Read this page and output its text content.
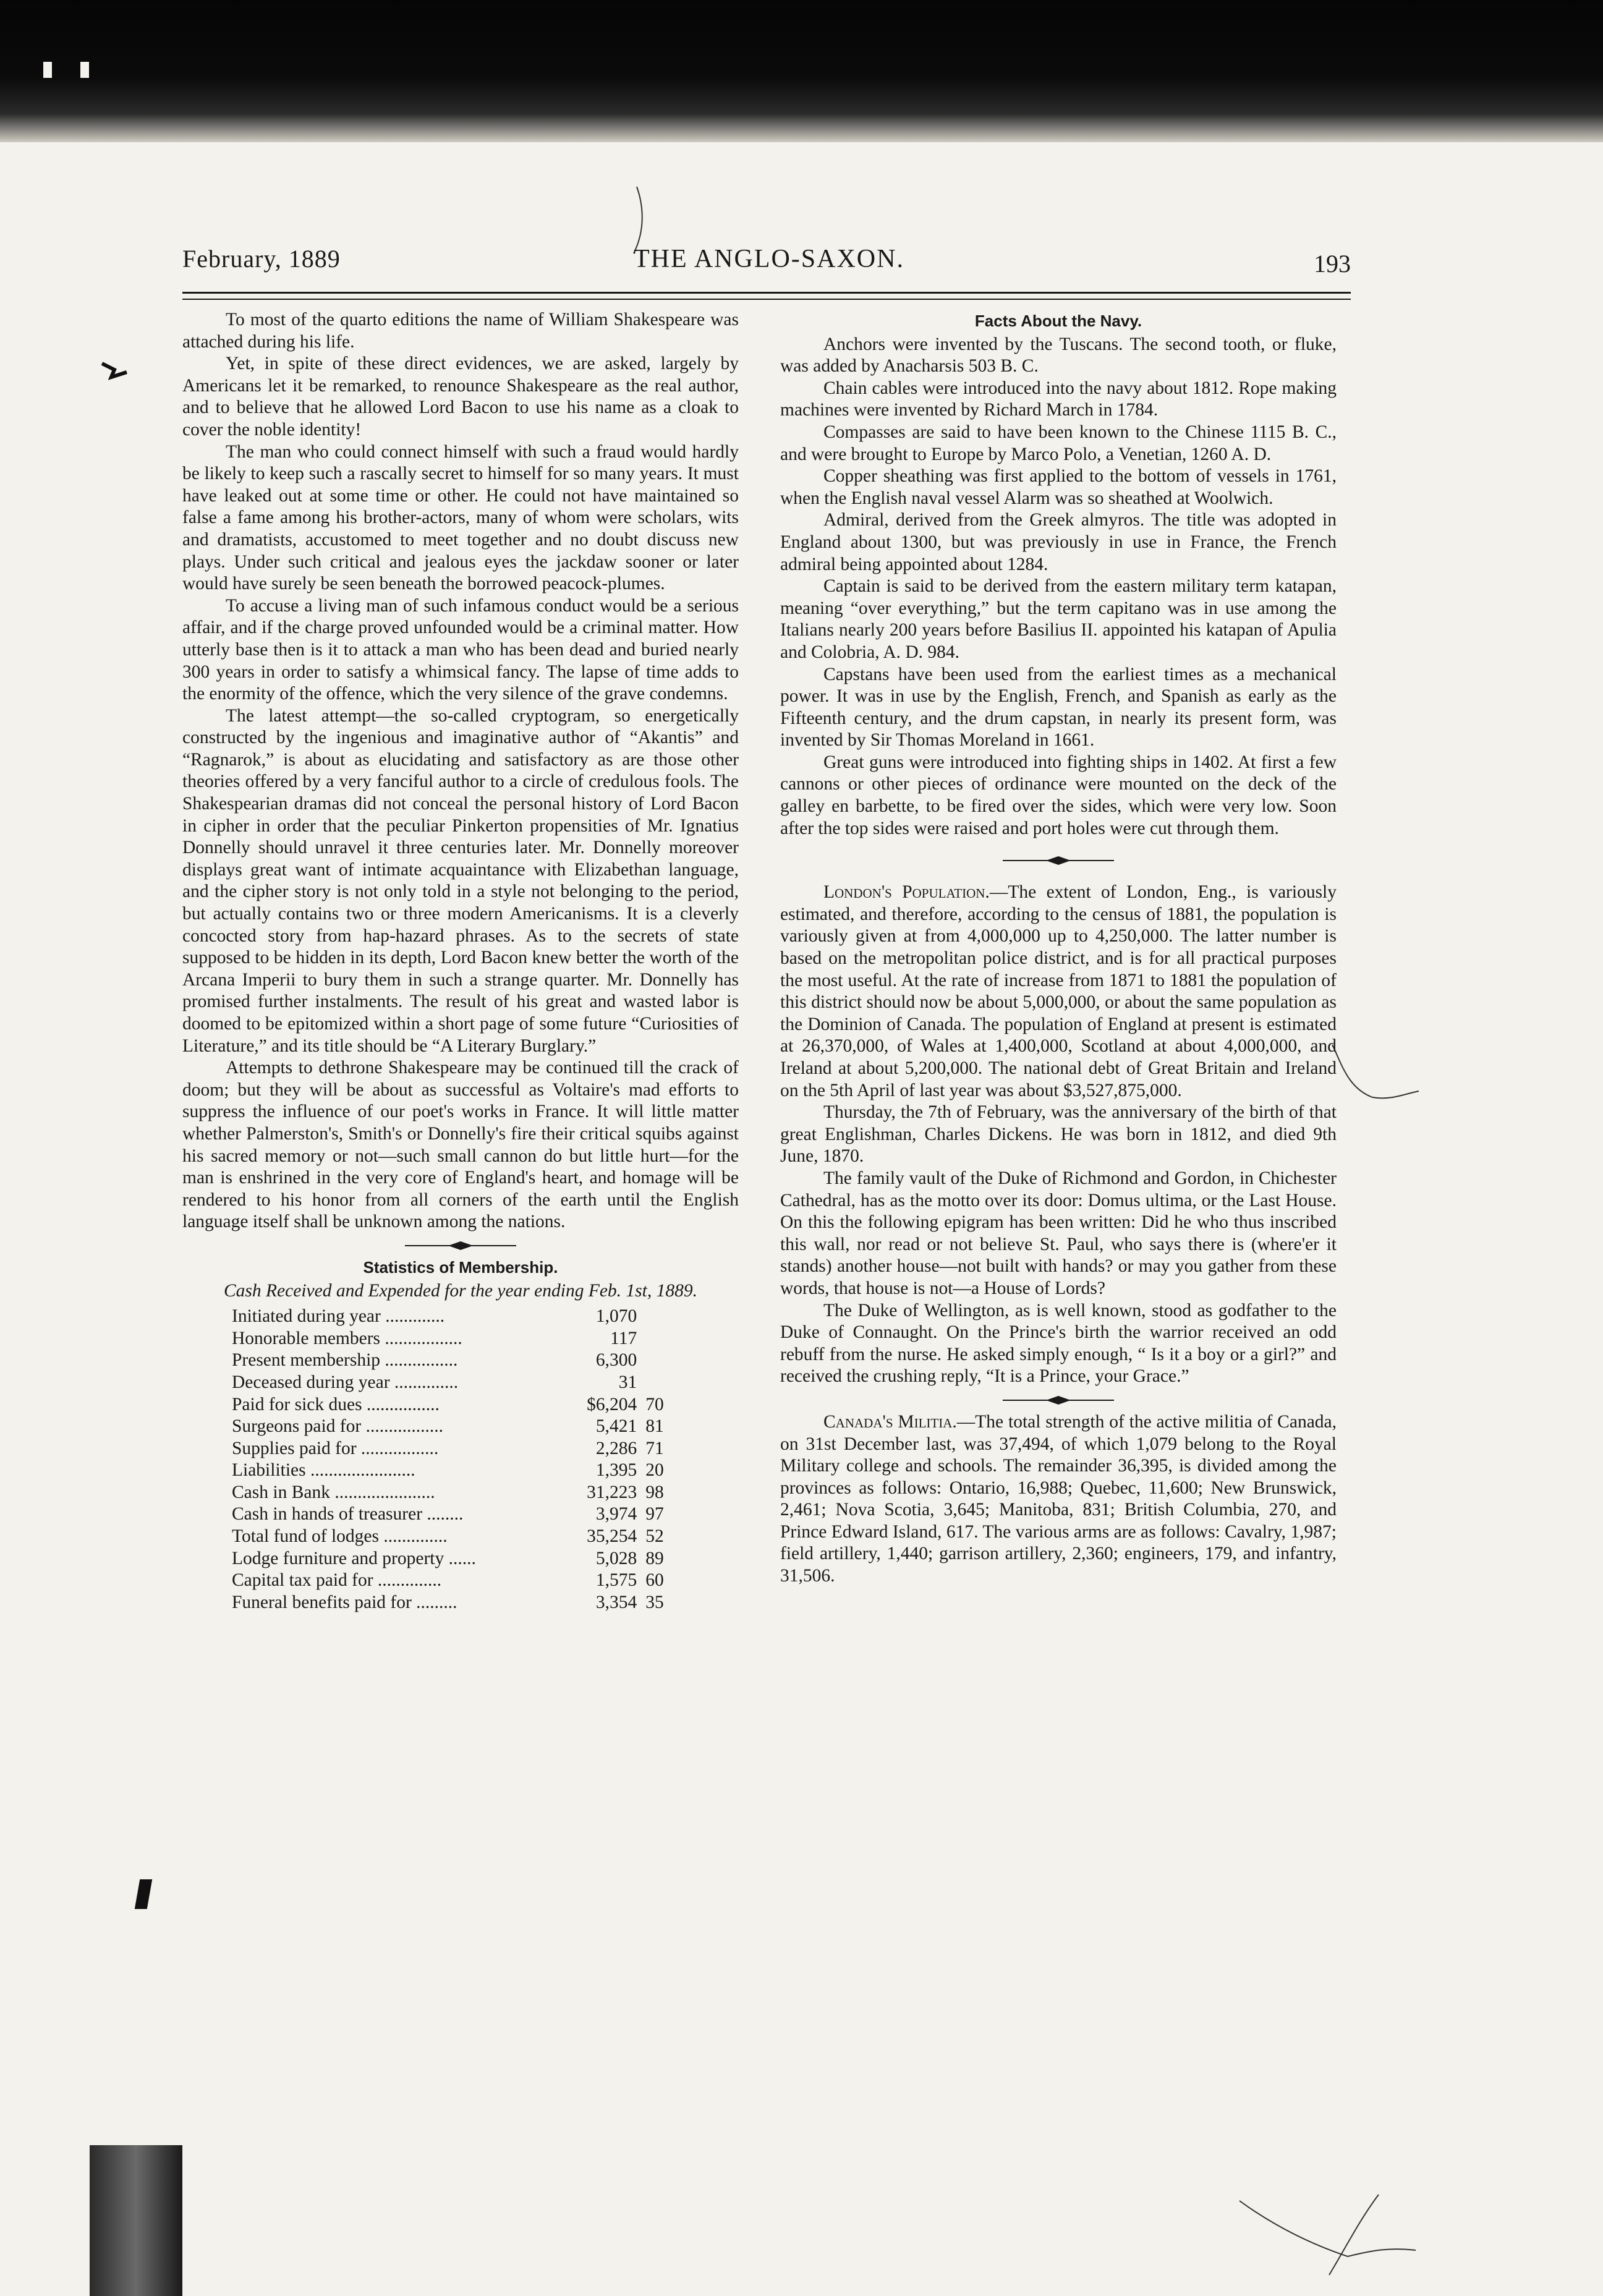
February, 1889	THE ANGLO-SAXON.	193

To most of the quarto editions the name of William Shakespeare was attached during his life.

Yet, in spite of these direct evidences, we are asked, largely by Americans let it be remarked, to renounce Shakespeare as the real author, and to believe that he allowed Lord Bacon to use his name as a cloak to cover the noble identity!

The man who could connect himself with such a fraud would hardly be likely to keep such a rascally secret to himself for so many years. It must have leaked out at some time or other. He could not have maintained so false a fame among his brother-actors, many of whom were scholars, wits and dramatists, accustomed to meet together and no doubt discuss new plays. Under such critical and jealous eyes the jackdaw sooner or later would have surely be seen beneath the borrowed peacock-plumes.

To accuse a living man of such infamous conduct would be a serious affair, and if the charge proved unfounded would be a criminal matter. How utterly base then is it to attack a man who has been dead and buried nearly 300 years in order to satisfy a whimsical fancy. The lapse of time adds to the enormity of the offence, which the very silence of the grave condemns.

The latest attempt—the so-called cryptogram, so energetically constructed by the ingenious and imaginative author of “Akantis” and “Ragnarok,” is about as elucidating and satisfactory as are those other theories offered by a very fanciful author to a circle of credulous fools. The Shakespearian dramas did not conceal the personal history of Lord Bacon in cipher in order that the peculiar Pinkerton propensities of Mr. Ignatius Donnelly should unravel it three centuries later. Mr. Donnelly moreover displays great want of intimate acquaintance with Elizabethan language, and the cipher story is not only told in a style not belonging to the period, but actually contains two or three modern Americanisms. It is a cleverly concocted story from hap-hazard phrases. As to the secrets of state supposed to be hidden in its depth, Lord Bacon knew better the worth of the Arcana Imperii to bury them in such a strange quarter. Mr. Donnelly has promised further instalments. The result of his great and wasted labor is doomed to be epitomized within a short page of some future “Curiosities of Literature,” and its title should be “A Literary Burglary.”

Attempts to dethrone Shakespeare may be continued till the crack of doom; but they will be about as successful as Voltaire's mad efforts to suppress the influence of our poet's works in France. It will little matter whether Palmerston's, Smith's or Donnelly's fire their critical squibs against his sacred memory or not—such small cannon do but little hurt—for the man is enshrined in the very core of England's heart, and homage will be rendered to his honor from all corners of the earth until the English language itself shall be unknown among the nations.

Statistics of Membership.
Cash Received and Expended for the year ending Feb. 1st, 1889.
Initiated during year .............	1,070	
Honorable members .................	117	
Present membership ................	6,300	
Deceased during year ..............	31	
Paid for sick dues ................	$6,204	70
Surgeons paid for .................	5,421	81
Supplies paid for .................	2,286	71
Liabilities .......................	1,395	20
Cash in Bank ......................	31,223	98
Cash in hands of treasurer ........	3,974	97
Total fund of lodges ..............	35,254	52
Lodge furniture and property ......	5,028	89
Capital tax paid for ..............	1,575	60
Funeral benefits paid for .........	3,354	35
Facts About the Navy.

Anchors were invented by the Tuscans. The second tooth, or fluke, was added by Anacharsis 503 B. C.

Chain cables were introduced into the navy about 1812. Rope making machines were invented by Richard March in 1784.

Compasses are said to have been known to the Chinese 1115 B. C., and were brought to Europe by Marco Polo, a Venetian, 1260 A. D.

Copper sheathing was first applied to the bottom of vessels in 1761, when the English naval vessel Alarm was so sheathed at Woolwich.

Admiral, derived from the Greek almyros. The title was adopted in England about 1300, but was previously in use in France, the French admiral being appointed about 1284.

Captain is said to be derived from the eastern military term katapan, meaning “over everything,” but the term capitano was in use among the Italians nearly 200 years before Basilius II. appointed his katapan of Apulia and Colobria, A. D. 984.

Capstans have been used from the earliest times as a mechanical power. It was in use by the English, French, and Spanish as early as the Fifteenth century, and the drum capstan, in nearly its present form, was invented by Sir Thomas Moreland in 1661.

Great guns were introduced into fighting ships in 1402. At first a few cannons or other pieces of ordinance were mounted on the deck of the galley en barbette, to be fired over the sides, which were very low. Soon after the top sides were raised and port holes were cut through them.

London's Population.—The extent of London, Eng., is variously estimated, and therefore, according to the census of 1881, the population is variously given at from 4,000,000 up to 4,250,000. The latter number is based on the metropolitan police district, and is for all practical purposes the most useful. At the rate of increase from 1871 to 1881 the population of this district should now be about 5,000,000, or about the same population as the Dominion of Canada. The population of England at present is estimated at 26,370,000, of Wales at 1,400,000, Scotland at about 4,000,000, and Ireland at about 5,200,000. The national debt of Great Britain and Ireland on the 5th April of last year was about $3,527,875,000.

Thursday, the 7th of February, was the anniversary of the birth of that great Englishman, Charles Dickens. He was born in 1812, and died 9th June, 1870.

The family vault of the Duke of Richmond and Gordon, in Chichester Cathedral, has as the motto over its door: Domus ultima, or the Last House. On this the following epigram has been written: Did he who thus inscribed this wall, nor read or not believe St. Paul, who says there is (where'er it stands) another house—not built with hands? or may you gather from these words, that house is not—a House of Lords?

The Duke of Wellington, as is well known, stood as godfather to the Duke of Connaught. On the Prince's birth the warrior received an odd rebuff from the nurse. He asked simply enough, “ Is it a boy or a girl?” and received the crushing reply, “It is a Prince, your Grace.”

Canada's Militia.—The total strength of the active militia of Canada, on 31st December last, was 37,494, of which 1,079 belong to the Royal Military college and schools. The remainder 36,395, is divided among the provinces as follows: Ontario, 16,988; Quebec, 11,600; New Brunswick, 2,461; Nova Scotia, 3,645; Manitoba, 831; British Columbia, 270, and Prince Edward Island, 617. The various arms are as follows: Cavalry, 1,987; field artillery, 1,440; garrison artillery, 2,360; engineers, 179, and infantry, 31,506.
